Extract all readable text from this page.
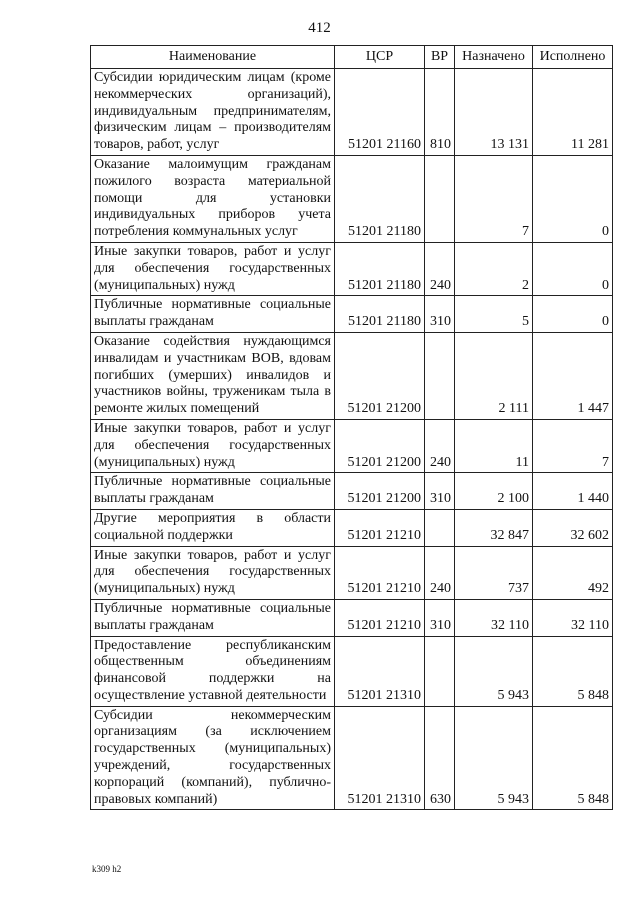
412
Наименование	ЦСР	ВР	Назначено	Исполнено
Субсидии юридическим лицам (кроме некоммерческих организаций), индивидуальным предпринимателям, физическим лицам – производителям товаров, работ, услуг	51201 21160	810	13 131	11 281
Оказание малоимущим гражданам пожилого возраста материальной помощи для установки индивидуальных приборов учета потребления коммунальных услуг	51201 21180		7	0
Иные закупки товаров, работ и услуг для обеспечения государственных (муниципальных) нужд	51201 21180	240	2	0
Публичные нормативные социальные выплаты гражданам	51201 21180	310	5	0
Оказание содействия нуждающимся инвалидам и участникам ВОВ, вдовам погибших (умерших) инвалидов и участников войны, труженикам тыла в ремонте жилых помещений	51201 21200		2 111	1 447
Иные закупки товаров, работ и услуг для обеспечения государственных (муниципальных) нужд	51201 21200	240	11	7
Публичные нормативные социальные выплаты гражданам	51201 21200	310	2 100	1 440
Другие мероприятия в области социальной поддержки	51201 21210		32 847	32 602
Иные закупки товаров, работ и услуг для обеспечения государственных (муниципальных) нужд	51201 21210	240	737	492
Публичные нормативные социальные выплаты гражданам	51201 21210	310	32 110	32 110
Предоставление республиканским общественным объединениям финансовой поддержки на осуществление уставной деятельности	51201 21310		5 943	5 848
Субсидии некоммерческим организациям (за исключением государственных (муниципальных) учреждений, государственных корпораций (компаний), публично-правовых компаний)	51201 21310	630	5 943	5 848
k309 h2
